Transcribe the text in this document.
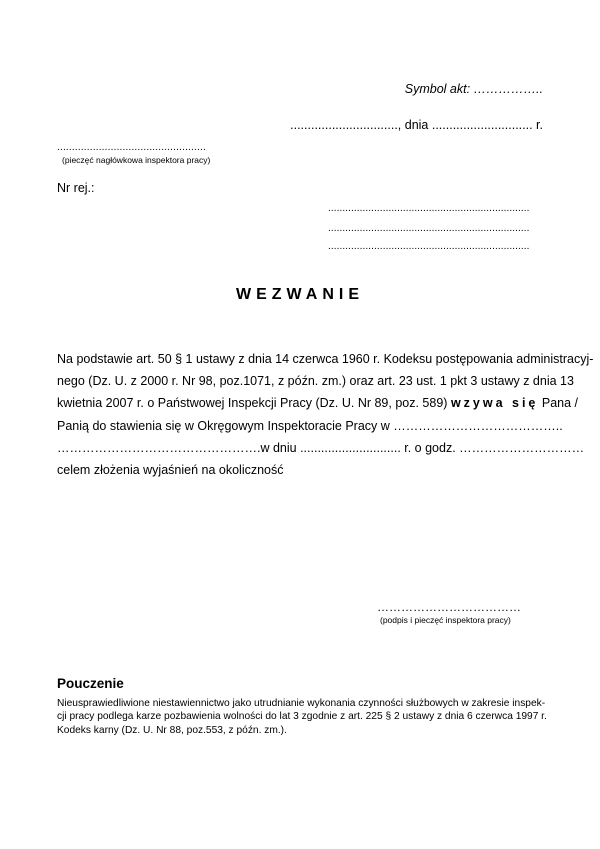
Symbol akt: ……………..
..............................., dnia ............................. r.
..................................................
(pieczęć nagłówkowa inspektora pracy)
Nr rej.:
......................................................................
......................................................................
......................................................................
WEZWANIE
Na podstawie art. 50 § 1 ustawy z dnia 14 czerwca 1960 r. Kodeksu postępowania administracyj-
nego (Dz. U. z 2000 r. Nr 98, poz.1071, z późn. zm.) oraz art. 23 ust. 1 pkt 3 ustawy z dnia 13
kwietnia 2007 r. o Państwowej Inspekcji Pracy (Dz. U. Nr 89, poz. 589) wzywa się Pana /
Panią do stawienia się w Okręgowym Inspektoracie Pracy w …………………………………..
………………………………………….w dniu ............................. r. o godz. …………………………
celem złożenia wyjaśnień na okoliczność
………………………………
(podpis i pieczęć inspektora pracy)
Pouczenie
Nieusprawiedliwione niestawiennictwo jako utrudnianie wykonania czynności służbowych w zakresie inspek-
cji pracy podlega karze pozbawienia wolności do lat 3 zgodnie z art. 225 § 2 ustawy z dnia 6 czerwca 1997 r.
Kodeks karny (Dz. U. Nr 88, poz.553, z późn. zm.).
